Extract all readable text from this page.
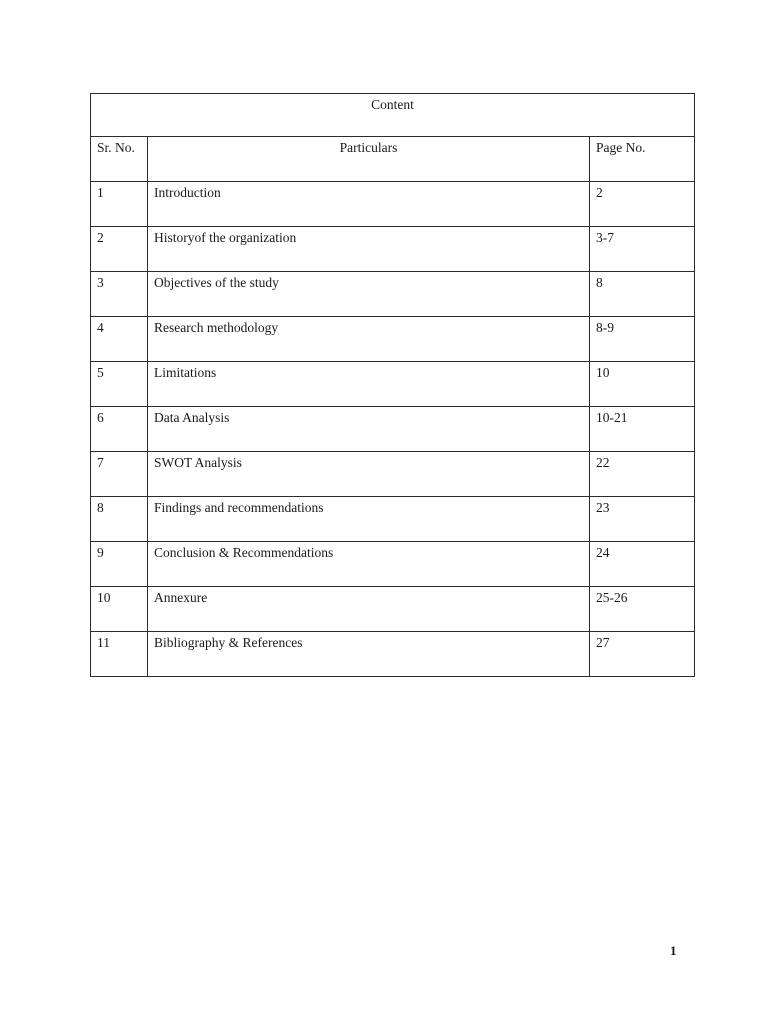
Content		
Sr. No.	Particulars	Page No.
1	Introduction	2
2	Historyof the organization	3-7
3	Objectives of the study	8
4	Research methodology	8-9
5	Limitations	10
6	Data Analysis	10-21
7	SWOT Analysis	22
8	Findings and recommendations	23
9	Conclusion & Recommendations	24
10	Annexure	25-26
11	Bibliography & References	27
1
